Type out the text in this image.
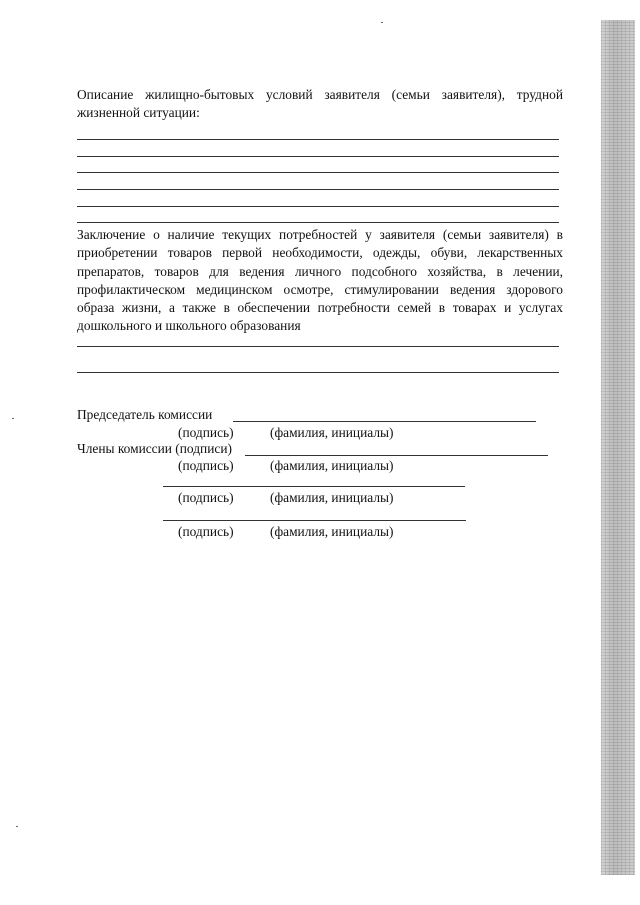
Описание жилищно-бытовых условий заявителя (семьи заявителя), трудной жизненной ситуации:
Заключение о наличие текущих потребностей у заявителя (семьи заявителя) в приобретении товаров первой необходимости, одежды, обуви, лекарственных препаратов, товаров для ведения личного подсобного хозяйства, в лечении, профилактическом медицинском осмотре, стимулировании ведения здорового образа жизни, а также в обеспечении потребности семей в товарах и услугах дошкольного и школьного образования
Председатель комиссии
(подпись)	(фамилия, инициалы)
Члены комиссии (подписи)
(подпись)	(фамилия, инициалы)
(подпись)	(фамилия, инициалы)
(подпись)	(фамилия, инициалы)
